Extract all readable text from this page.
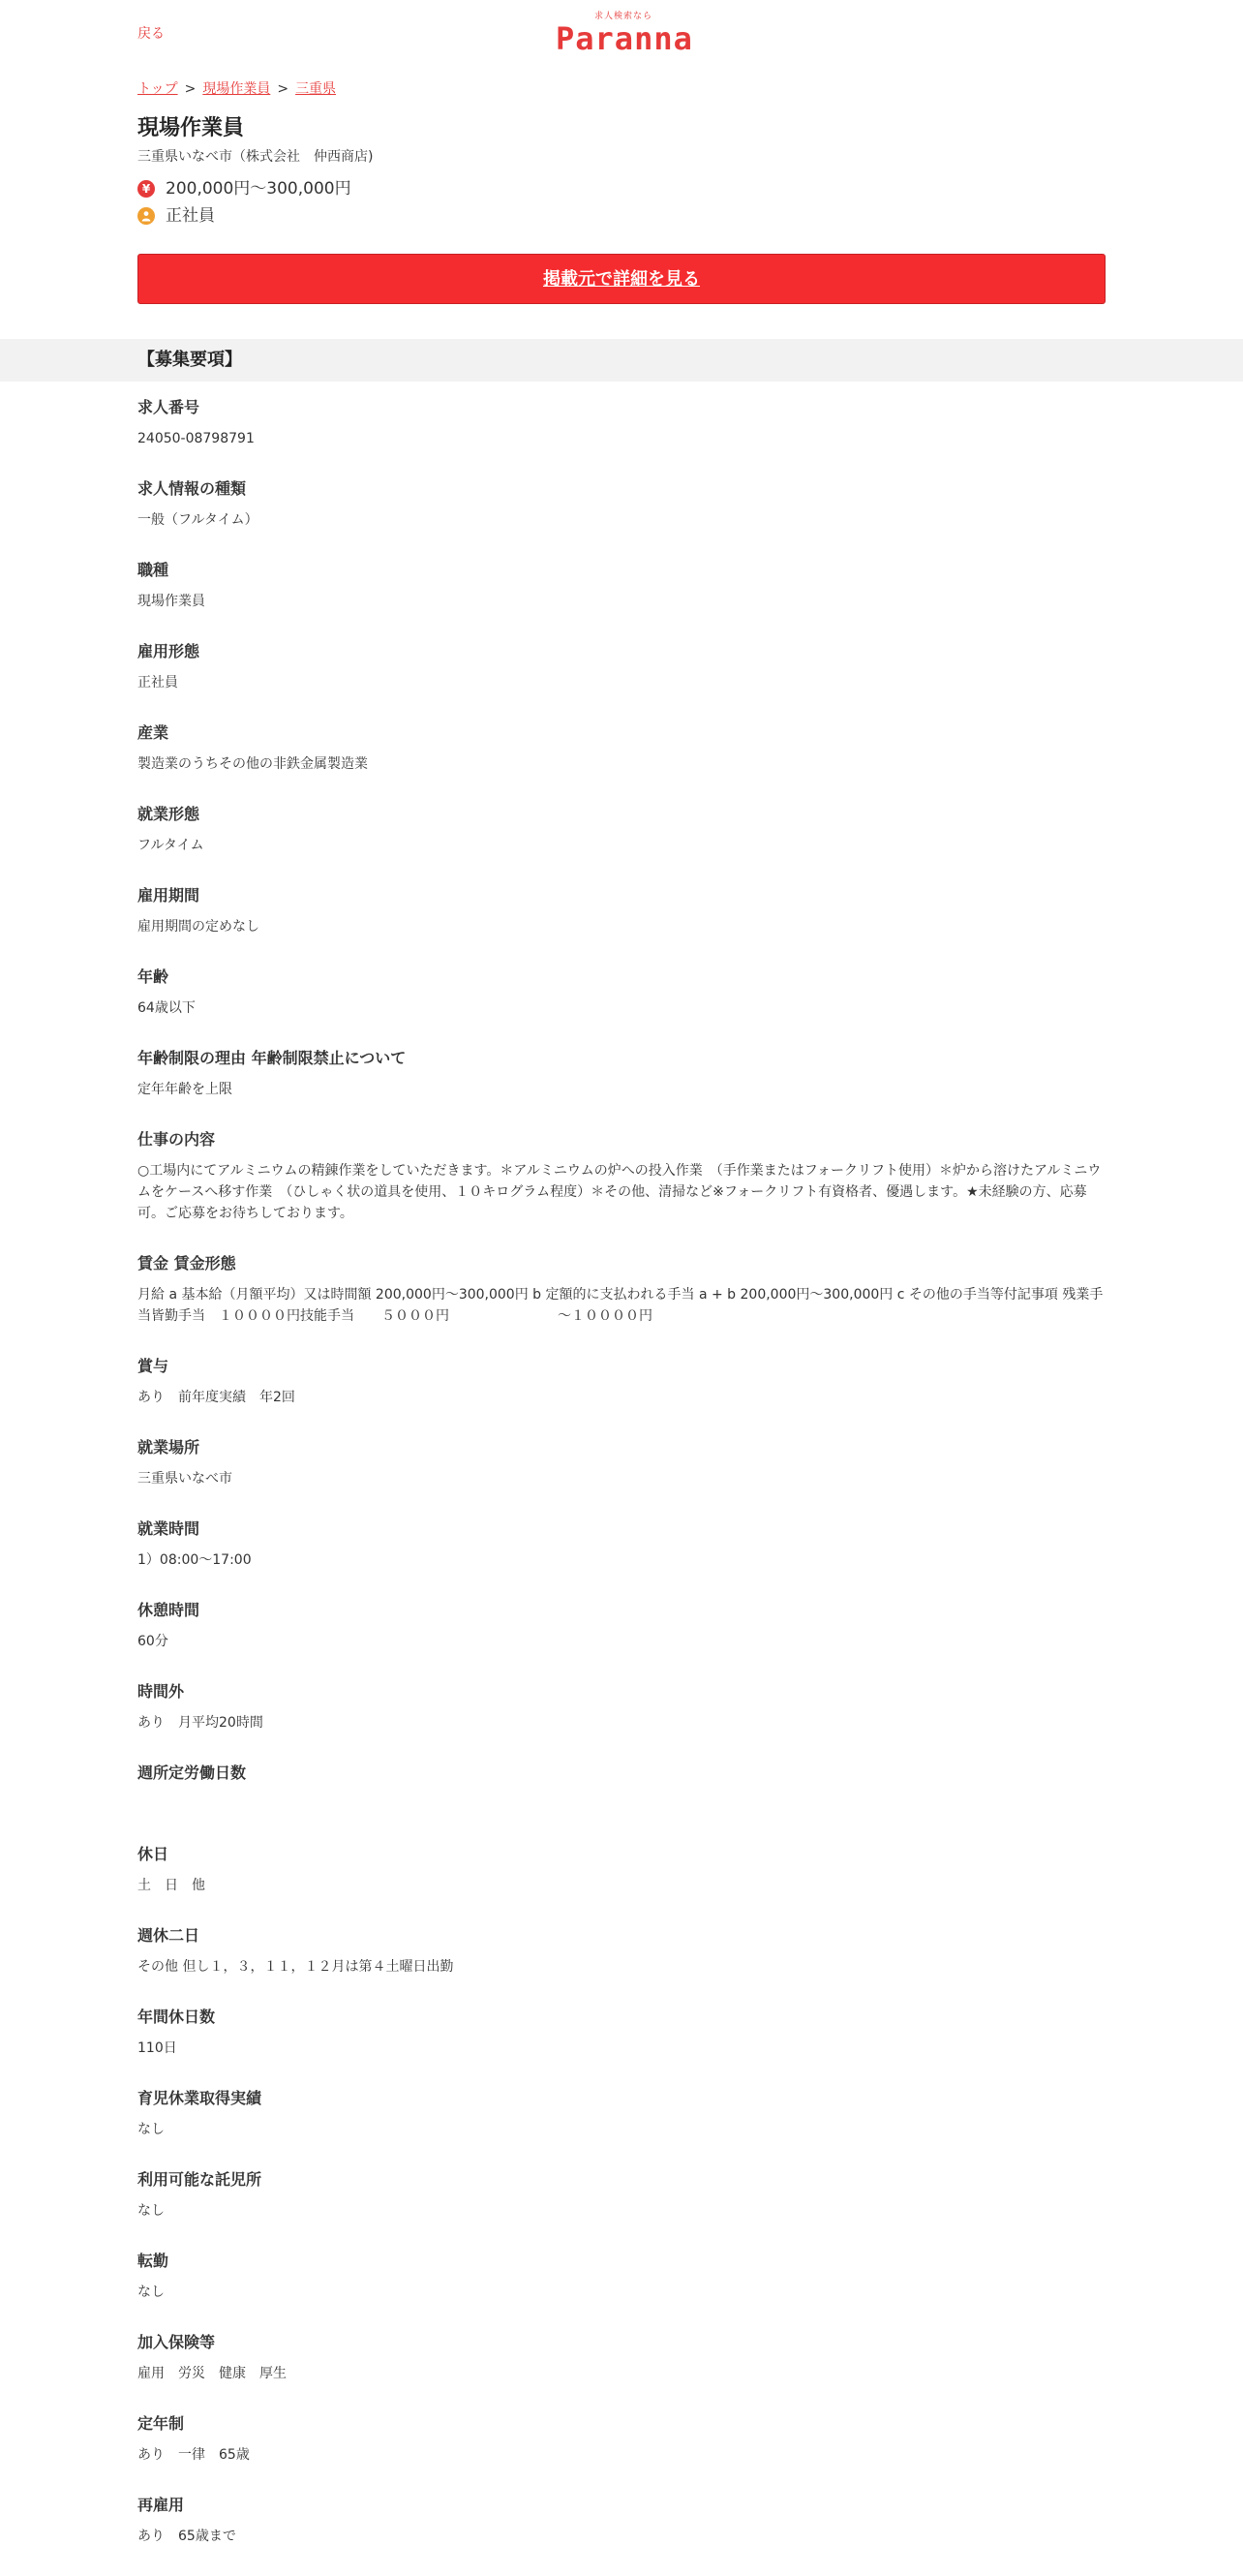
戻る
求人検索なら
Paranna
トップ > 現場作業員 > 三重県
現場作業員
三重県いなべ市（株式会社　仲西商店)
¥ 200,000円～300,000円
正社員
掲載元で詳細を見る
【募集要項】
求人番号
24050-08798791
求人情報の種類
一般（フルタイム）
職種
現場作業員
雇用形態
正社員
産業
製造業のうちその他の非鉄金属製造業
就業形態
フルタイム
雇用期間
雇用期間の定めなし
年齢
64歳以下
年齢制限の理由 年齢制限禁止について
定年年齢を上限
仕事の内容
○工場内にてアルミニウムの精錬作業をしていただきます。＊アルミニウムの炉への投入作業　（手作業またはフォークリフト使用）＊炉から溶けたアルミニウムをケースへ移す作業　（ひしゃく状の道具を使用、１０キログラム程度）＊その他、清掃など※フォークリフト有資格者、優遇します。★未経験の方、応募可。ご応募をお待ちしております。
賃金 賃金形態
月給 a 基本給（月額平均）又は時間額 200,000円～300,000円 b 定額的に支払われる手当 a + b 200,000円～300,000円 c その他の手当等付記事項 残業手当皆勤手当　１００００円技能手当　　５０００円　　　　　　　　～１００００円
賞与
あり　前年度実績　年2回
就業場所
三重県いなべ市
就業時間
1）08:00～17:00
休憩時間
60分
時間外
あり　月平均20時間
週所定労働日数
休日
土　日　他
週休二日
その他 但し１，３，１１，１２月は第４土曜日出勤
年間休日数
110日
育児休業取得実績
なし
利用可能な託児所
なし
転勤
なし
加入保険等
雇用　労災　健康　厚生
定年制
あり　一律　65歳
再雇用
あり　65歳まで
